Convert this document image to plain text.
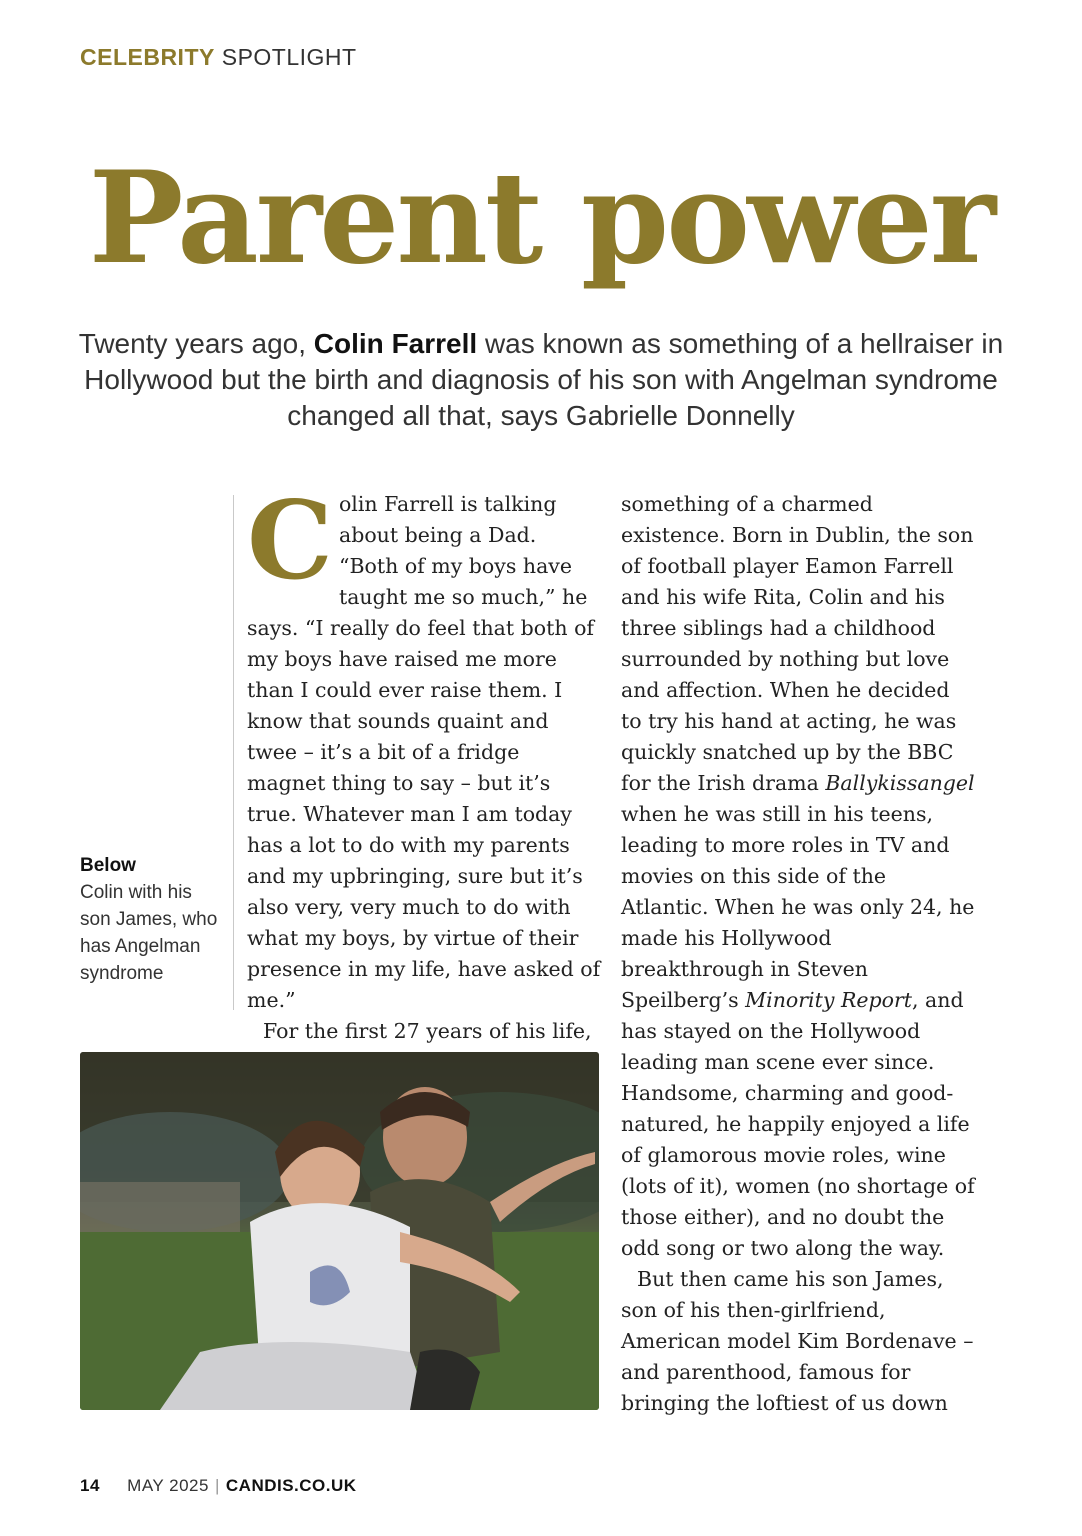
CELEBRITY SPOTLIGHT
Parent power

Twenty years ago, Colin Farrell was known as something of a hellraiser in Hollywood but the birth and diagnosis of his son with Angelman syndrome changed all that, says Gabrielle Donnelly

C olin Farrell is talking about being a Dad. “Both of my boys have taught me so much,” he says. “I really do feel that both of my boys have raised me more than I could ever raise them. I know that sounds quaint and twee – it’s a bit of a fridge magnet thing to say – but it’s true. Whatever man I am today has a lot to do with my parents and my upbringing, sure but it’s also very, very much to do with what my boys, by virtue of their presence in my life, have asked of me.”

For the first 27 years of his life,

something of a charmed existence. Born in Dublin, the son of football player Eamon Farrell and his wife Rita, Colin and his three siblings had a childhood surrounded by nothing but love and affection. When he decided to try his hand at acting, he was quickly snatched up by the BBC for the Irish drama Ballykissangel when he was still in his teens, leading to more roles in TV and movies on this side of the Atlantic. When he was only 24, he made his Hollywood breakthrough in Steven Speilberg’s Minority Report, and has stayed on the Hollywood leading man scene ever since. Handsome, charming and good-natured, he happily enjoyed a life of glamorous movie roles, wine (lots of it), women (no shortage of those either), and no doubt the odd song or two along the way.

But then came his son James, son of his then-girlfriend, American model Kim Bordenave – and parenthood, famous for bringing the loftiest of us down

Below
Colin with his son James, who has Angelman syndrome
14 MAY 2025 | CANDIS.CO.UK
